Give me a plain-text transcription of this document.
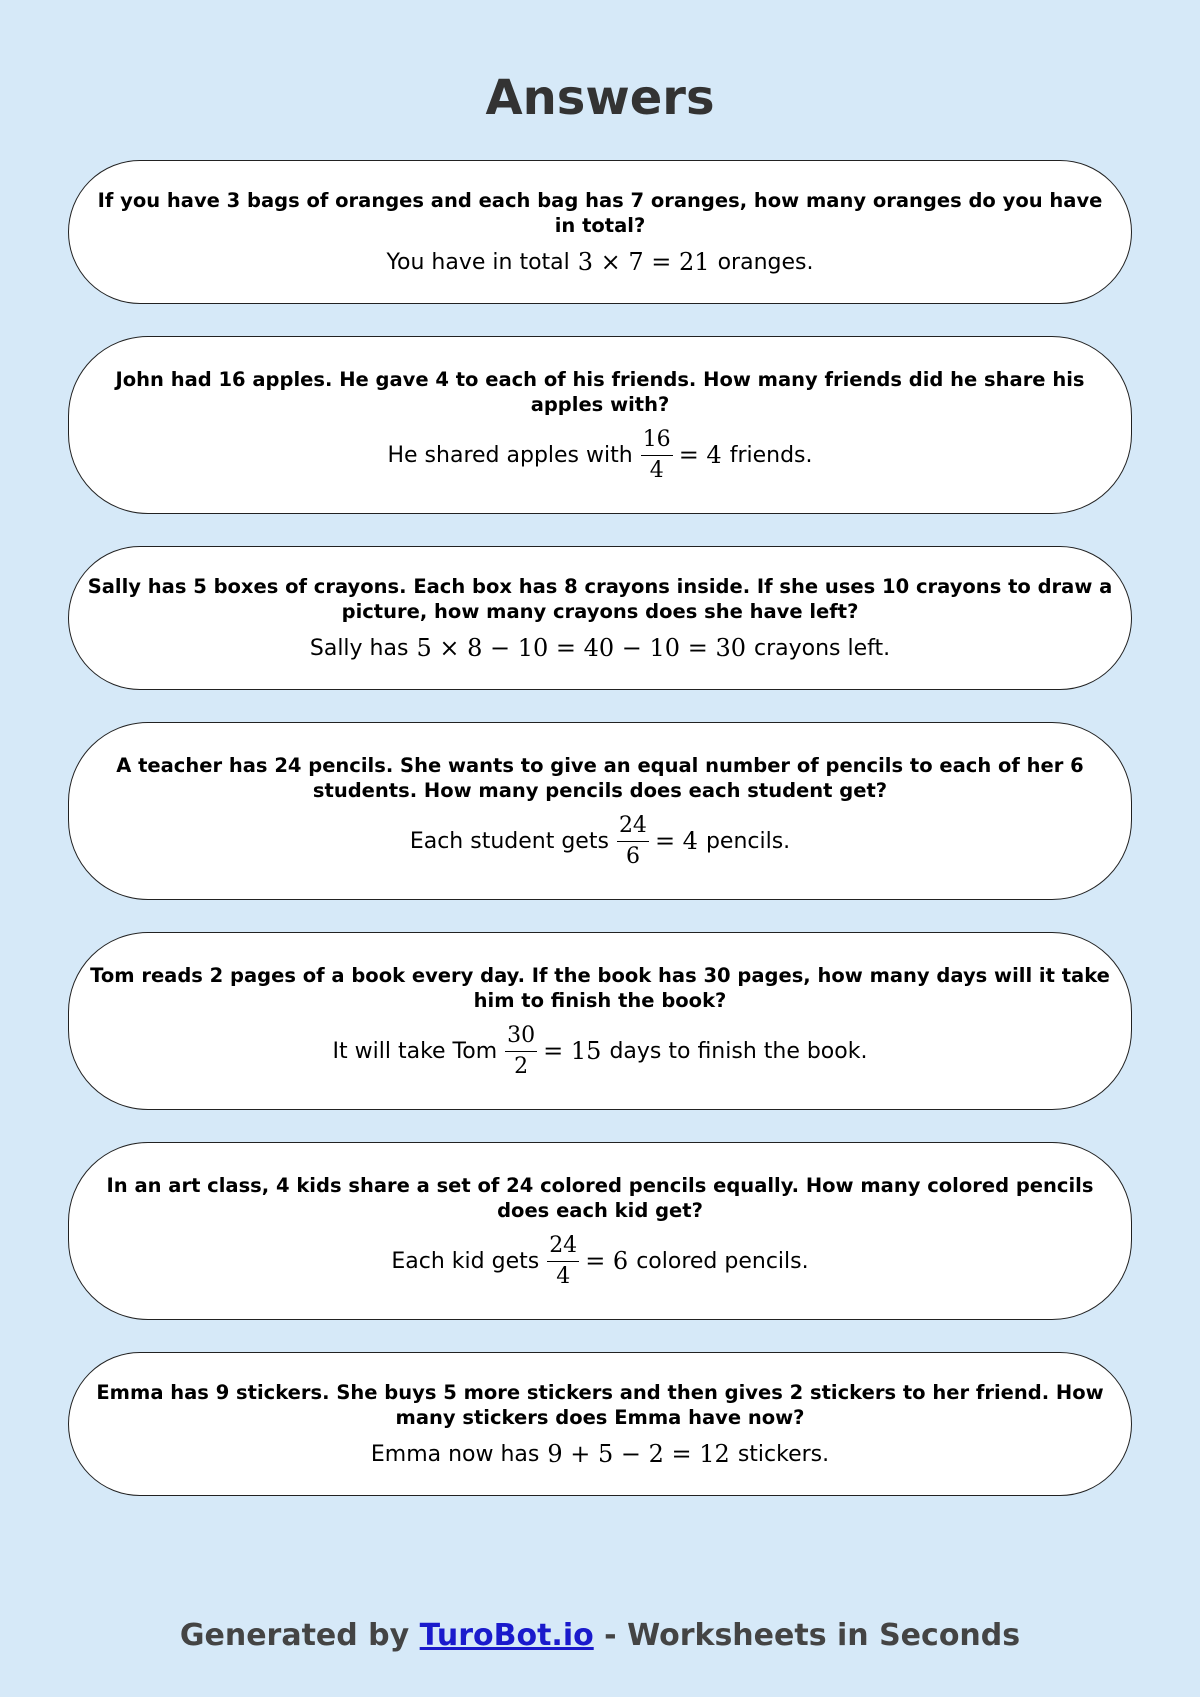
Answers

If you have 3 bags of oranges and each bag has 7 oranges, how many oranges do you have in total?

You have in total 3 × 7 = 21 oranges.

John had 16 apples. He gave 4 to each of his friends. How many friends did he share his apples with?

He shared apples with $\frac{16}{4} = 4$ friends.

Sally has 5 boxes of crayons. Each box has 8 crayons inside. If she uses 10 crayons to draw a picture, how many crayons does she have left?

Sally has 5 × 8 − 10 = 40 − 10 = 30 crayons left.

A teacher has 24 pencils. She wants to give an equal number of pencils to each of her 6 students. How many pencils does each student get?

Each student gets $\frac{24}{6} = 4$ pencils.

Tom reads 2 pages of a book every day. If the book has 30 pages, how many days will it take him to finish the book?

It will take Tom $\frac{30}{2} = 15$ days to finish the book.

In an art class, 4 kids share a set of 24 colored pencils equally. How many colored pencils does each kid get?

Each kid gets $\frac{24}{4} = 6$ colored pencils.

Emma has 9 stickers. She buys 5 more stickers and then gives 2 stickers to her friend. How many stickers does Emma have now?

Emma now has 9 + 5 − 2 = 12 stickers.
Generated by TuroBot.io - Worksheets in Seconds
